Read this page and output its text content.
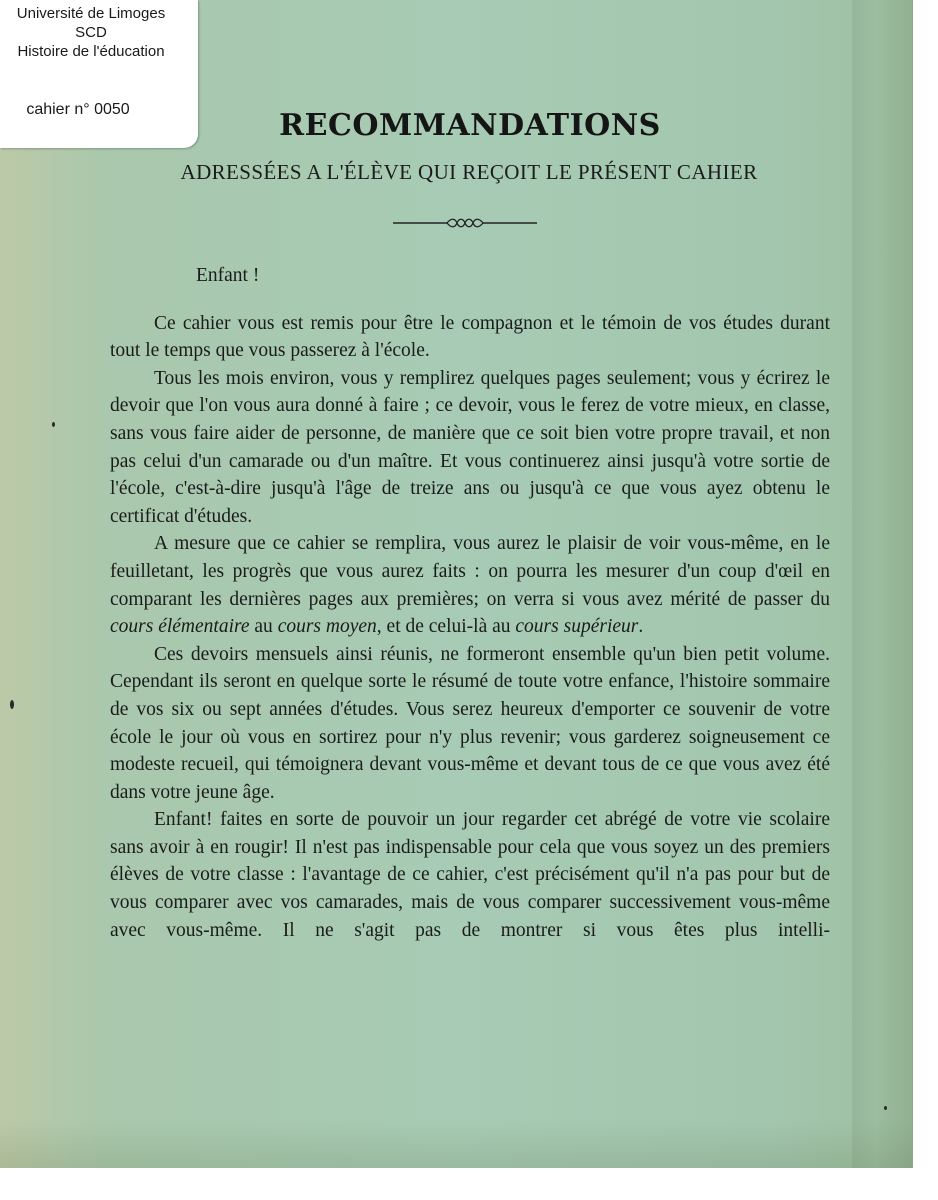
RECOMMANDATIONS
ADRESSÉES A L'ÉLÈVE QUI REÇOIT LE PRÉSENT CAHIER

Enfant !

Ce cahier vous est remis pour être le compagnon et le témoin de vos études durant tout le temps que vous passerez à l'école.

Tous les mois environ, vous y remplirez quelques pages seulement; vous y écrirez le devoir que l'on vous aura donné à faire ; ce devoir, vous le ferez de votre mieux, en classe, sans vous faire aider de personne, de manière que ce soit bien votre propre travail, et non pas celui d'un camarade ou d'un maître. Et vous continuerez ainsi jusqu'à votre sortie de l'école, c'est-à-dire jusqu'à l'âge de treize ans ou jusqu'à ce que vous ayez obtenu le certificat d'études.

A mesure que ce cahier se remplira, vous aurez le plaisir de voir vous-même, en le feuilletant, les progrès que vous aurez faits : on pourra les mesurer d'un coup d'œil en comparant les dernières pages aux premières; on verra si vous avez mérité de passer du cours élémentaire au cours moyen, et de celui-là au cours supérieur.

Ces devoirs mensuels ainsi réunis, ne formeront ensemble qu'un bien petit volume. Cependant ils seront en quelque sorte le résumé de toute votre enfance, l'histoire sommaire de vos six ou sept années d'études. Vous serez heureux d'emporter ce souvenir de votre école le jour où vous en sortirez pour n'y plus revenir; vous garderez soigneusement ce modeste recueil, qui témoignera devant vous-même et devant tous de ce que vous avez été dans votre jeune âge.

Enfant! faites en sorte de pouvoir un jour regarder cet abrégé de votre vie scolaire sans avoir à en rougir! Il n'est pas indispensable pour cela que vous soyez un des premiers élèves de votre classe : l'avantage de ce cahier, c'est précisément qu'il n'a pas pour but de vous comparer avec vos camarades, mais de vous comparer successivement vous-même avec vous-même. Il ne s'agit pas de montrer si vous êtes plus intelli-

Université de Limoges
SCD
Histoire de l'éducation
cahier n° 0050
